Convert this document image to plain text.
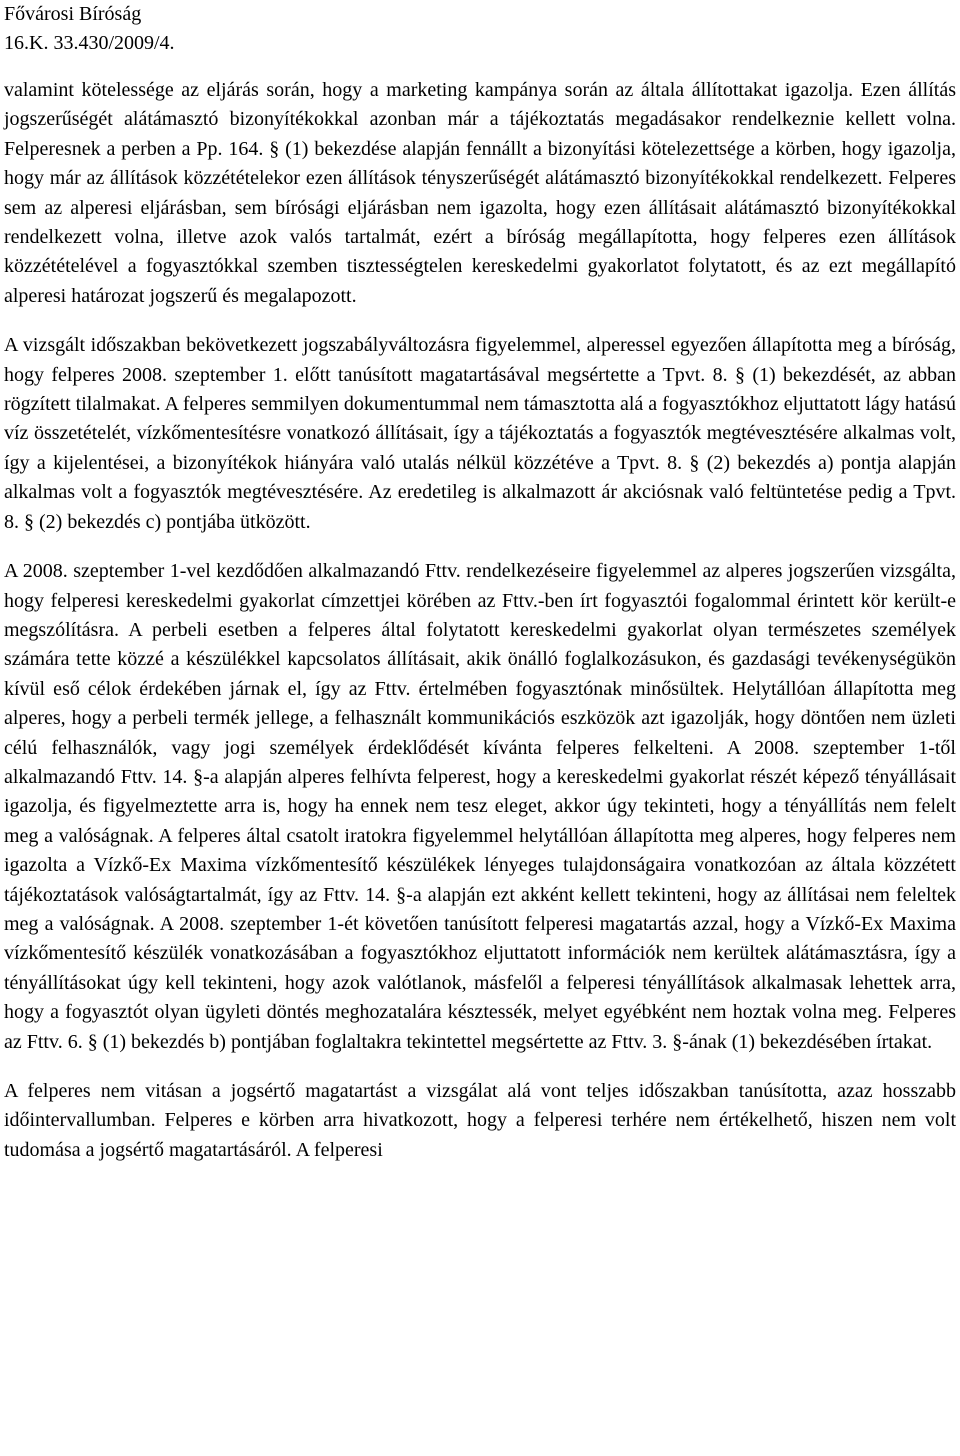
Fővárosi Bíróság
16.K. 33.430/2009/4.

valamint kötelessége az eljárás során, hogy a marketing kampánya során az általa állítottakat igazolja. Ezen állítás jogszerűségét alátámasztó bizonyítékokkal azonban már a tájékoztatás megadásakor rendelkeznie kellett volna. Felperesnek a perben a Pp. 164. § (1) bekezdése alapján fennállt a bizonyítási kötelezettsége a körben, hogy igazolja, hogy már az állítások közzétételekor ezen állítások tényszerűségét alátámasztó bizonyítékokkal rendelkezett. Felperes sem az alperesi eljárásban, sem bírósági eljárásban nem igazolta, hogy ezen állításait alátámasztó bizonyítékokkal rendelkezett volna, illetve azok valós tartalmát, ezért a bíróság megállapította, hogy felperes ezen állítások közzétételével a fogyasztókkal szemben tisztességtelen kereskedelmi gyakorlatot folytatott, és az ezt megállapító alperesi határozat jogszerű és megalapozott.

A vizsgált időszakban bekövetkezett jogszabályváltozásra figyelemmel, alperessel egyezően állapította meg a bíróság, hogy felperes 2008. szeptember 1. előtt tanúsított magatartásával megsértette a Tpvt. 8. § (1) bekezdését, az abban rögzített tilalmakat. A felperes semmilyen dokumentummal nem támasztotta alá a fogyasztókhoz eljuttatott lágy hatású víz összetételét, vízkőmentesítésre vonatkozó állításait, így a tájékoztatás a fogyasztók megtévesztésére alkalmas volt, így a kijelentései, a bizonyítékok hiányára való utalás nélkül közzétéve a Tpvt. 8. § (2) bekezdés a) pontja alapján alkalmas volt a fogyasztók megtévesztésére. Az eredetileg is alkalmazott ár akciósnak való feltüntetése pedig a Tpvt. 8. § (2) bekezdés c) pontjába ütközött.

A 2008. szeptember 1-vel kezdődően alkalmazandó Fttv. rendelkezéseire figyelemmel az alperes jogszerűen vizsgálta, hogy felperesi kereskedelmi gyakorlat címzettjei körében az Fttv.-ben írt fogyasztói fogalommal érintett kör került-e megszólításra. A perbeli esetben a felperes által folytatott kereskedelmi gyakorlat olyan természetes személyek számára tette közzé a készülékkel kapcsolatos állításait, akik önálló foglalkozásukon, és gazdasági tevékenységükön kívül eső célok érdekében járnak el, így az Fttv. értelmében fogyasztónak minősültek. Helytállóan állapította meg alperes, hogy a perbeli termék jellege, a felhasznált kommunikációs eszközök azt igazolják, hogy döntően nem üzleti célú felhasználók, vagy jogi személyek érdeklődését kívánta felperes felkelteni. A 2008. szeptember 1-től alkalmazandó Fttv. 14. §-a alapján alperes felhívta felperest, hogy a kereskedelmi gyakorlat részét képező tényállásait igazolja, és figyelmeztette arra is, hogy ha ennek nem tesz eleget, akkor úgy tekinteti, hogy a tényállítás nem felelt meg a valóságnak. A felperes által csatolt iratokra figyelemmel helytállóan állapította meg alperes, hogy felperes nem igazolta a Vízkő-Ex Maxima vízkőmentesítő készülékek lényeges tulajdonságaira vonatkozóan az általa közzétett tájékoztatások valóságtartalmát, így az Fttv. 14. §-a alapján ezt akként kellett tekinteni, hogy az állításai nem feleltek meg a valóságnak. A 2008. szeptember 1-ét követően tanúsított felperesi magatartás azzal, hogy a Vízkő-Ex Maxima vízkőmentesítő készülék vonatkozásában a fogyasztókhoz eljuttatott információk nem kerültek alátámasztásra, így a tényállításokat úgy kell tekinteni, hogy azok valótlanok, másfelől a felperesi tényállítások alkalmasak lehettek arra, hogy a fogyasztót olyan ügyleti döntés meghozatalára késztessék, melyet egyébként nem hoztak volna meg. Felperes az Fttv. 6. § (1) bekezdés b) pontjában foglaltakra tekintettel megsértette az Fttv. 3. §-ának (1) bekezdésében írtakat.

A felperes nem vitásan a jogsértő magatartást a vizsgálat alá vont teljes időszakban tanúsította, azaz hosszabb időintervallumban. Felperes e körben arra hivatkozott, hogy a felperesi terhére nem értékelhető, hiszen nem volt tudomása a jogsértő magatartásáról. A felperesi
